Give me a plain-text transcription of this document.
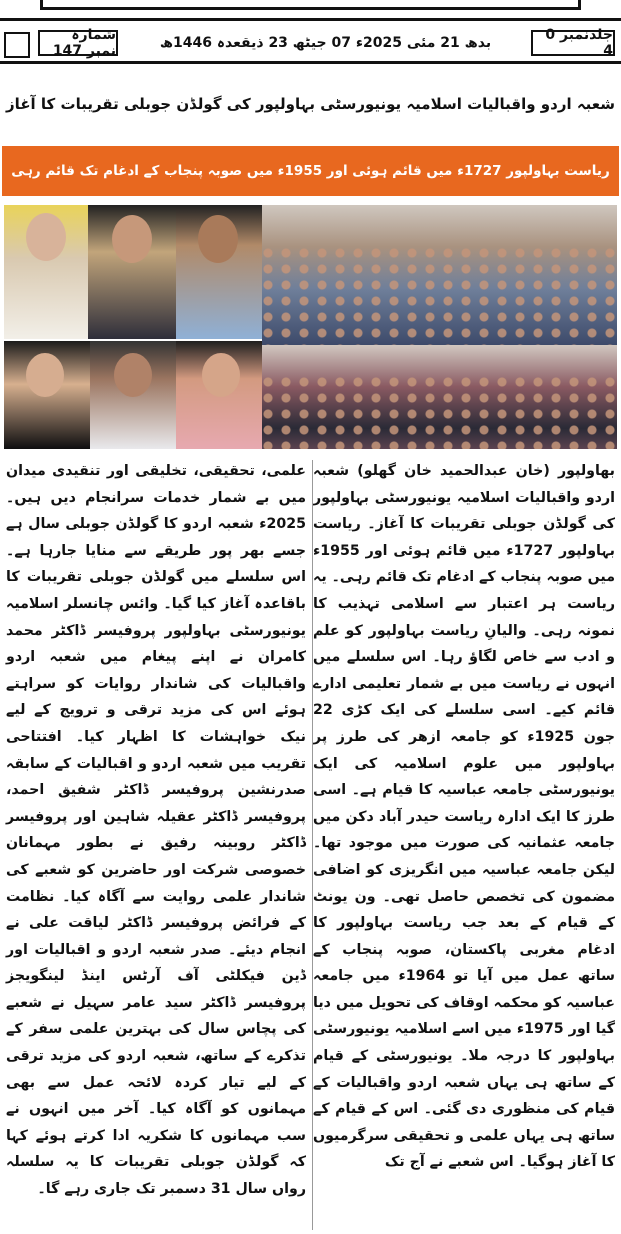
شمارہ نمبر 147	بدھ 21 مئی 2025ء 07 جیٹھ 23 ذیقعدہ 1446ھ	جلدنمبر 0 4
شعبہ اردو واقبالیات اسلامیہ یونیورسٹی بہاولپور کی گولڈن جوبلی تقریبات کا آغاز
ریاست بہاولپور 1727ء میں قائم ہوئی اور 1955ء میں صوبہ پنجاب کے ادغام تک قائم رہی
بھاولپور (خان عبدالحمید خان گھلو) شعبہ اردو واقبالیات اسلامیہ یونیورسٹی بہاولپور کی گولڈن جوبلی تقریبات کا آغاز۔ ریاست بہاولپور 1727ء میں قائم ہوئی اور 1955ء میں صوبہ پنجاب کے ادغام تک قائم رہی۔ یہ ریاست ہر اعتبار سے اسلامی تہذیب کا نمونہ رہی۔ والیانِ ریاست بہاولپور کو علم و ادب سے خاص لگاؤ رہا۔ اس سلسلے میں انہوں نے ریاست میں بے شمار تعلیمی ادارے قائم کیے۔ اسی سلسلے کی ایک کڑی 22 جون 1925ء کو جامعہ ازھر کی طرز پر بہاولپور میں علوم اسلامیہ کی ایک یونیورسٹی جامعہ عباسیہ کا قیام ہے۔ اسی طرز کا ایک ادارہ ریاست حیدر آباد دکن میں جامعہ عثمانیہ کی صورت میں موجود تھا۔ لیکن جامعہ عباسیہ میں انگریزی کو اضافی مضمون کی تخصص حاصل تھی۔ ون یونٹ کے قیام کے بعد جب ریاست بہاولپور کا ادغام مغربی پاکستان، صوبہ پنجاب کے ساتھ عمل میں آیا تو 1964ء میں جامعہ عباسیہ کو محکمہ اوقاف کی تحویل میں دیا گیا اور 1975ء میں اسے اسلامیہ یونیورسٹی بہاولپور کا درجہ ملا۔ یونیورسٹی کے قیام کے ساتھ ہی یہاں شعبہ اردو واقبالیات کے قیام کی منظوری دی گئی۔ اس کے قیام کے ساتھ ہی یہاں علمی و تحقیقی سرگرمیوں کا آغاز ہوگیا۔ اس شعبے نے آج تک
علمی، تحقیقی، تخلیقی اور تنقیدی میدان میں بے شمار خدمات سرانجام دیں ہیں۔ 2025ء شعبہ اردو کا گولڈن جوبلی سال ہے جسے بھر پور طریقے سے منایا جارہا ہے۔ اس سلسلے میں گولڈن جوبلی تقریبات کا باقاعدہ آغاز کیا گیا۔ وائس چانسلر اسلامیہ یونیورسٹی بہاولپور پروفیسر ڈاکٹر محمد کامران نے اپنے پیغام میں شعبہ اردو واقبالیات کی شاندار روایات کو سراہتے ہوئے اس کی مزید ترقی و ترویج کے لیے نیک خواہشات کا اظہار کیا۔ افتتاحی تقریب میں شعبہ اردو و اقبالیات کے سابقہ صدرنشین پروفیسر ڈاکٹر شفیق احمد، پروفیسر ڈاکٹر عقیلہ شاہین اور پروفیسر ڈاکٹر روبینہ رفیق نے بطور مہمانان خصوصی شرکت اور حاضرین کو شعبے کی شاندار علمی روایت سے آگاہ کیا۔ نظامت کے فرائض پروفیسر ڈاکٹر لیاقت علی نے انجام دیئے۔ صدر شعبہ اردو و اقبالیات اور ڈین فیکلٹی آف آرٹس اینڈ لینگویجز پروفیسر ڈاکٹر سید عامر سہیل نے شعبے کی پچاس سال کی بہترین علمی سفر کے تذکرے کے ساتھ، شعبہ اردو کی مزید ترقی کے لیے تیار کردہ لائحہ عمل سے بھی مہمانوں کو آگاہ کیا۔ آخر میں انہوں نے سب مہمانوں کا شکریہ ادا کرتے ہوئے کہا کہ گولڈن جوبلی تقریبات کا یہ سلسلہ رواں سال 31 دسمبر تک جاری رہے گا۔
